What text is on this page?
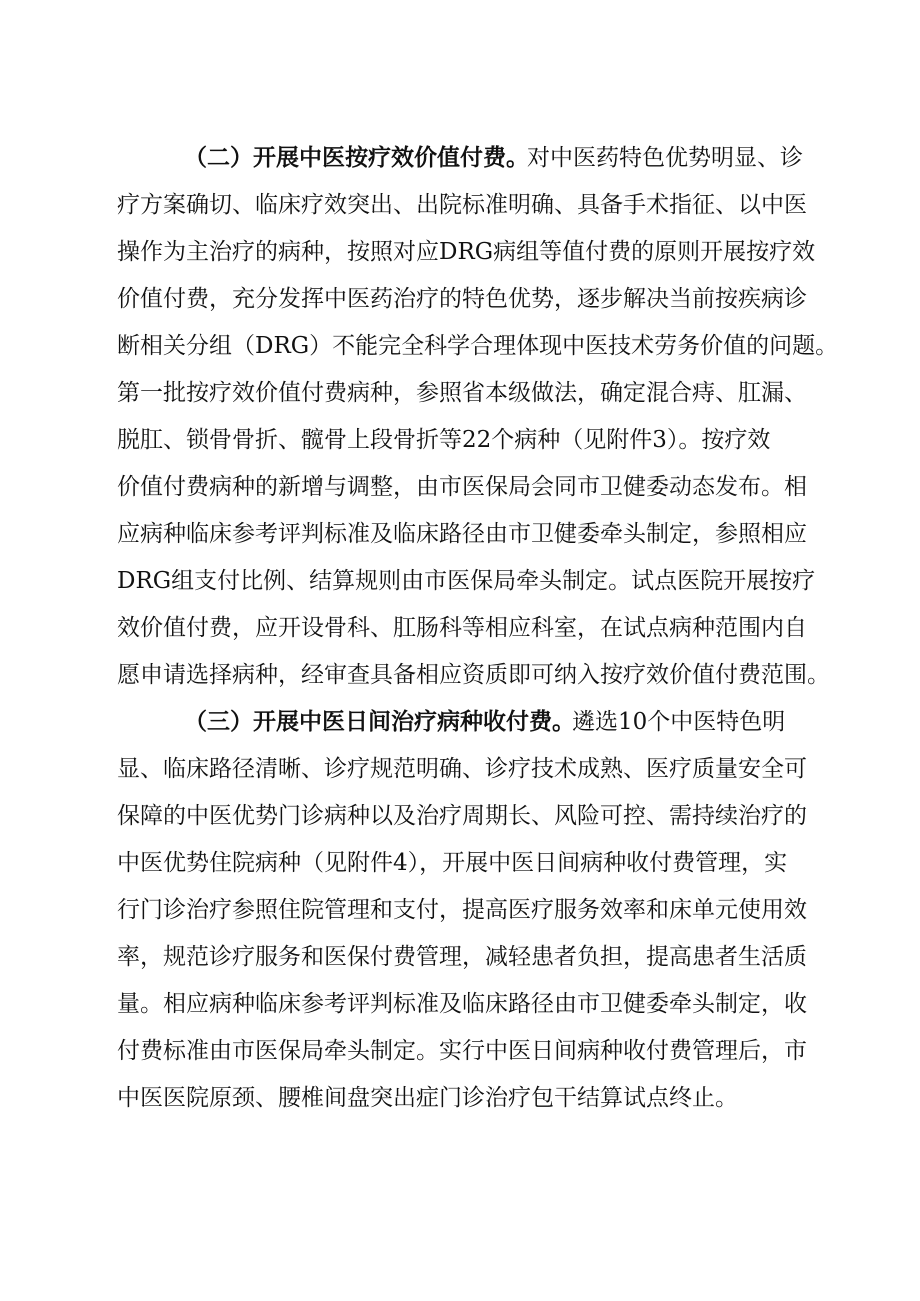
（二）开展中医按疗效价值付费。
对中医药特色优势明显、诊

疗方案确切、临床疗效突出、出院标准明确、具备手术指征、以中医

操作为主治疗的病种，按照对应DRG病组等值付费的原则开展按疗效

价值付费，充分发挥中医药治疗的特色优势，逐步解决当前按疾病诊

断相关分组（DRG）不能完全科学合理体现中医技术劳务价值的问题。

第一批按疗效价值付费病种，参照省本级做法，确定混合痔、肛漏、

脱肛、锁骨骨折、髋骨上段骨折等22个病种（见附件3）。按疗效

价值付费病种的新增与调整，由市医保局会同市卫健委动态发布。相

应病种临床参考评判标准及临床路径由市卫健委牵头制定，参照相应

DRG组支付比例、结算规则由市医保局牵头制定。试点医院开展按疗

效价值付费，应开设骨科、肛肠科等相应科室，在试点病种范围内自

愿申请选择病种，经审查具备相应资质即可纳入按疗效价值付费范围。

（三）开展中医日间治疗病种收付费。
遴选10个中医特色明

显、临床路径清晰、诊疗规范明确、诊疗技术成熟、医疗质量安全可

保障的中医优势门诊病种以及治疗周期长、风险可控、需持续治疗的

中医优势住院病种（见附件4），开展中医日间病种收付费管理，实

行门诊治疗参照住院管理和支付，提高医疗服务效率和床单元使用效

率，规范诊疗服务和医保付费管理，减轻患者负担，提高患者生活质

量。相应病种临床参考评判标准及临床路径由市卫健委牵头制定，收

付费标准由市医保局牵头制定。实行中医日间病种收付费管理后，市

中医医院原颈、腰椎间盘突出症门诊治疗包干结算试点终止。
